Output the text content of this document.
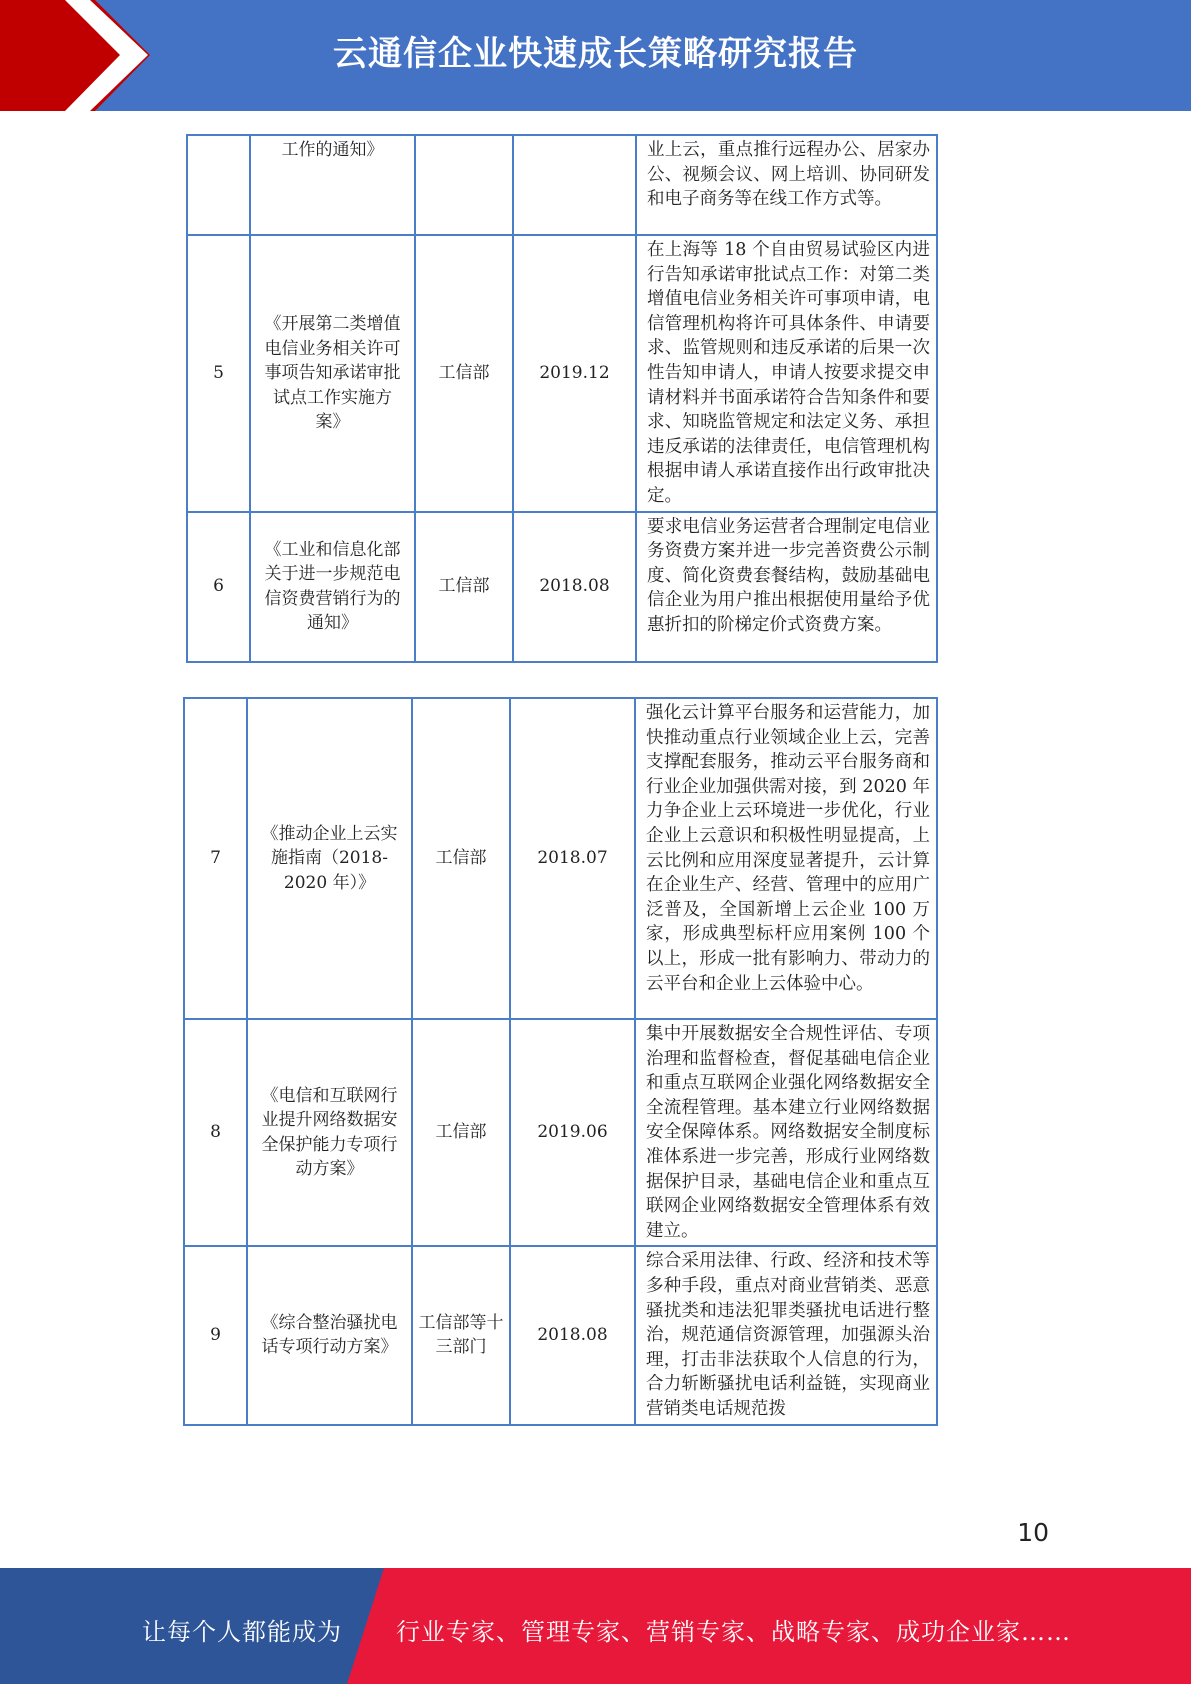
云通信企业快速成长策略研究报告
	工作的通知》			业上云，重点推行远程办公、居家办公、视频会议、网上培训、协同研发和电子商务等在线工作方式等。
5	《开展第二类增值电信业务相关许可事项告知承诺审批试点工作实施方案》	工信部	2019.12	在上海等 18 个自由贸易试验区内进行告知承诺审批试点工作：对第二类增值电信业务相关许可事项申请，电信管理机构将许可具体条件、申请要求、监管规则和违反承诺的后果一次性告知申请人，申请人按要求提交申请材料并书面承诺符合告知条件和要求、知晓监管规定和法定义务、承担违反承诺的法律责任，电信管理机构根据申请人承诺直接作出行政审批决定。
6	《工业和信息化部关于进一步规范电信资费营销行为的通知》	工信部	2018.08	要求电信业务运营者合理制定电信业务资费方案并进一步完善资费公示制度、简化资费套餐结构，鼓励基础电信企业为用户推出根据使用量给予优惠折扣的阶梯定价式资费方案。
7	《推动企业上云实施指南（2018-2020 年）》	工信部	2018.07	强化云计算平台服务和运营能力，加快推动重点行业领域企业上云，完善支撑配套服务，推动云平台服务商和行业企业加强供需对接，到 2020 年力争企业上云环境进一步优化，行业企业上云意识和积极性明显提高，上云比例和应用深度显著提升，云计算在企业生产、经营、管理中的应用广泛普及，全国新增上云企业 100 万家，形成典型标杆应用案例 100 个以上，形成一批有影响力、带动力的云平台和企业上云体验中心。
8	《电信和互联网行业提升网络数据安全保护能力专项行动方案》	工信部	2019.06	集中开展数据安全合规性评估、专项治理和监督检查，督促基础电信企业和重点互联网企业强化网络数据安全全流程管理。基本建立行业网络数据安全保障体系。网络数据安全制度标准体系进一步完善，形成行业网络数据保护目录，基础电信企业和重点互联网企业网络数据安全管理体系有效建立。
9	《综合整治骚扰电话专项行动方案》	工信部等十三部门	2018.08	综合采用法律、行政、经济和技术等多种手段，重点对商业营销类、恶意骚扰类和违法犯罪类骚扰电话进行整治，规范通信资源管理，加强源头治理，打击非法获取个人信息的行为，合力斩断骚扰电话利益链，实现商业营销类电话规范拨
10
让每个人都能成为 行业专家、管理专家、营销专家、战略专家、成功企业家……
